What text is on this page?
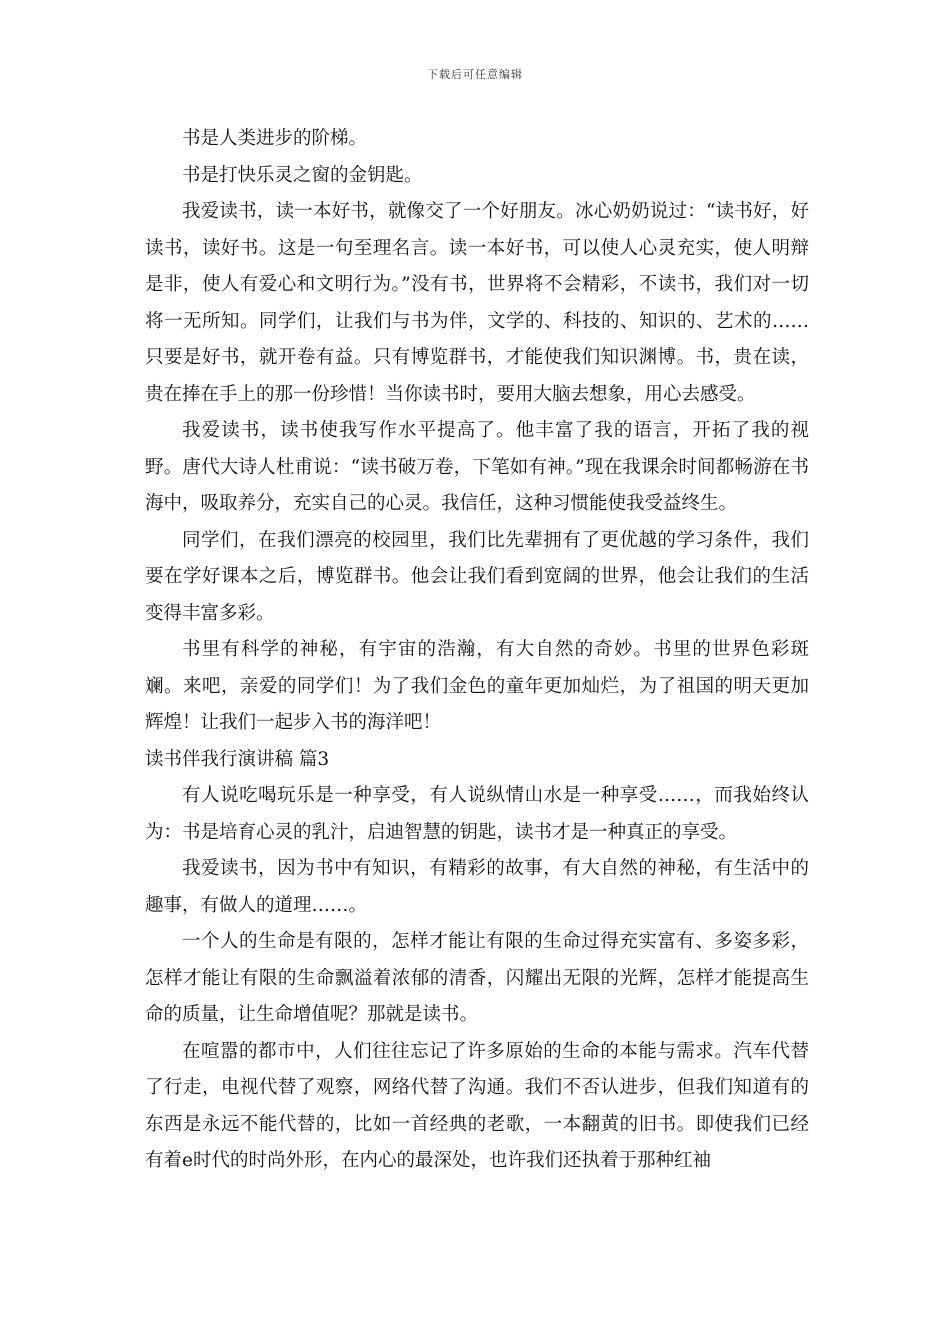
下载后可任意编辑

书是人类进步的阶梯。

书是打快乐灵之窗的金钥匙。

我爱读书，读一本好书，就像交了一个好朋友。冰心奶奶说过：“读书好，好读书，读好书。这是一句至理名言。读一本好书，可以使人心灵充实，使人明辩是非，使人有爱心和文明行为。”没有书，世界将不会精彩，不读书，我们对一切将一无所知。同学们，让我们与书为伴，文学的、科技的、知识的、艺术的……只要是好书，就开卷有益。只有博览群书，才能使我们知识渊博。书，贵在读，贵在捧在手上的那一份珍惜！当你读书时，要用大脑去想象，用心去感受。

我爱读书，读书使我写作水平提高了。他丰富了我的语言，开拓了我的视野。唐代大诗人杜甫说：“读书破万卷，下笔如有神。”现在我课余时间都畅游在书海中，吸取养分，充实自己的心灵。我信任，这种习惯能使我受益终生。

同学们，在我们漂亮的校园里，我们比先辈拥有了更优越的学习条件，我们要在学好课本之后，博览群书。他会让我们看到宽阔的世界，他会让我们的生活变得丰富多彩。

书里有科学的神秘，有宇宙的浩瀚，有大自然的奇妙。书里的世界色彩斑斓。来吧，亲爱的同学们！为了我们金色的童年更加灿烂，为了祖国的明天更加辉煌！让我们一起步入书的海洋吧！

读书伴我行演讲稿 篇3

有人说吃喝玩乐是一种享受，有人说纵情山水是一种享受……，而我始终认为：书是培育心灵的乳汁，启迪智慧的钥匙，读书才是一种真正的享受。

我爱读书，因为书中有知识，有精彩的故事，有大自然的神秘，有生活中的趣事，有做人的道理……。

一个人的生命是有限的，怎样才能让有限的生命过得充实富有、多姿多彩，怎样才能让有限的生命飘溢着浓郁的清香，闪耀出无限的光辉，怎样才能提高生命的质量，让生命增值呢？那就是读书。

在喧嚣的都市中，人们往往忘记了许多原始的生命的本能与需求。汽车代替了行走，电视代替了观察，网络代替了沟通。我们不否认进步，但我们知道有的东西是永远不能代替的，比如一首经典的老歌，一本翻黄的旧书。即使我们已经有着e时代的时尚外形，在内心的最深处，也许我们还执着于那种红袖
